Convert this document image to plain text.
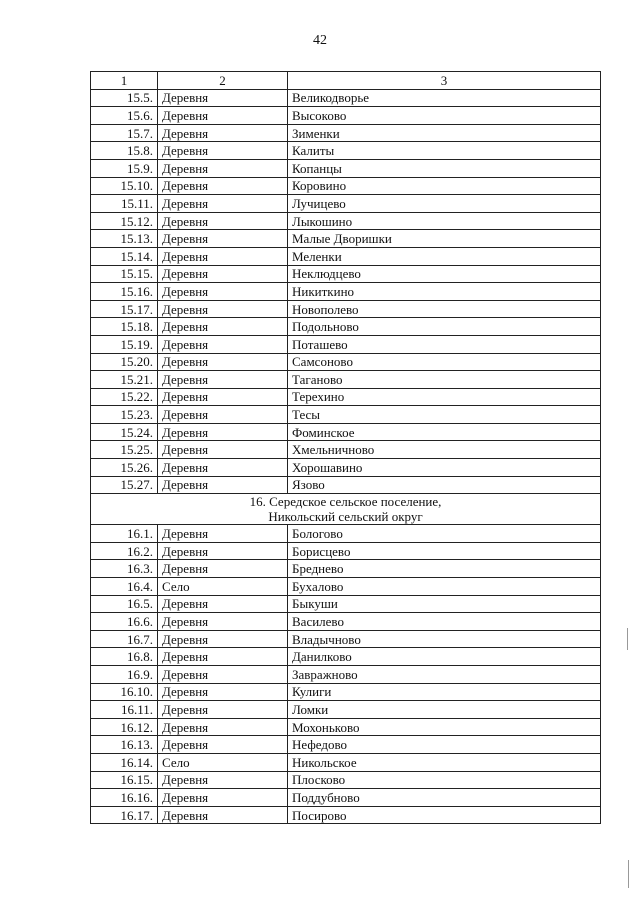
42
1	2	3
15.5.	Деревня	Великодворье
15.6.	Деревня	Высоково
15.7.	Деревня	Зименки
15.8.	Деревня	Калиты
15.9.	Деревня	Копанцы
15.10.	Деревня	Коровино
15.11.	Деревня	Лучицево
15.12.	Деревня	Лыкошино
15.13.	Деревня	Малые Дворишки
15.14.	Деревня	Меленки
15.15.	Деревня	Неклюдцево
15.16.	Деревня	Никиткино
15.17.	Деревня	Новополево
15.18.	Деревня	Подольново
15.19.	Деревня	Поташево
15.20.	Деревня	Самсоново
15.21.	Деревня	Таганово
15.22.	Деревня	Терехино
15.23.	Деревня	Тесы
15.24.	Деревня	Фоминское
15.25.	Деревня	Хмельничново
15.26.	Деревня	Хорошавино
15.27.	Деревня	Язово

16. Середское сельское поселение,
Никольский сельский округ		

16.1.	Деревня	Бологово
16.2.	Деревня	Борисцево
16.3.	Деревня	Бреднево
16.4.	Село	Бухалово
16.5.	Деревня	Быкуши
16.6.	Деревня	Василево
16.7.	Деревня	Владычново
16.8.	Деревня	Данилково
16.9.	Деревня	Завражново
16.10.	Деревня	Кулиги
16.11.	Деревня	Ломки
16.12.	Деревня	Мохоньково
16.13.	Деревня	Нефедово
16.14.	Село	Никольское
16.15.	Деревня	Плосково
16.16.	Деревня	Поддубново
16.17.	Деревня	Посирово
